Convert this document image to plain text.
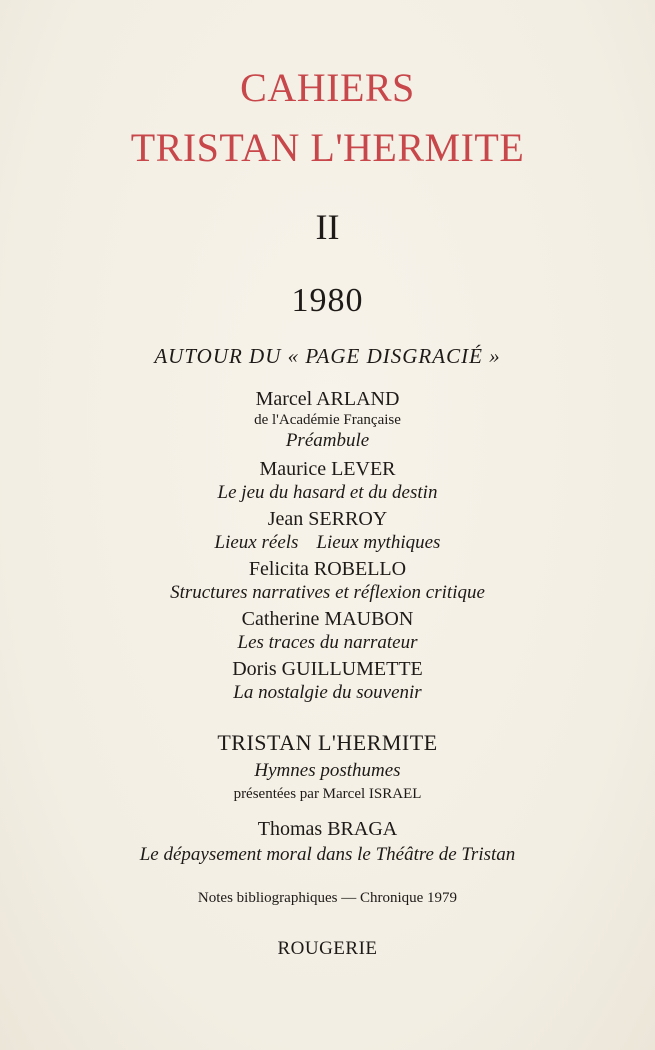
CAHIERS
TRISTAN L'HERMITE
II
1980
AUTOUR DU « PAGE DISGRACIÉ »
Marcel ARLAND
de l'Académie Française
Préambule
Maurice LEVER
Le jeu du hasard et du destin
Jean SERROY
Lieux réels Lieux mythiques
Felicita ROBELLO
Structures narratives et réflexion critique
Catherine MAUBON
Les traces du narrateur
Doris GUILLUMETTE
La nostalgie du souvenir
TRISTAN L'HERMITE
Hymnes posthumes
présentées par Marcel ISRAEL
Thomas BRAGA
Le dépaysement moral dans le Théâtre de Tristan
Notes bibliographiques — Chronique 1979
ROUGERIE
